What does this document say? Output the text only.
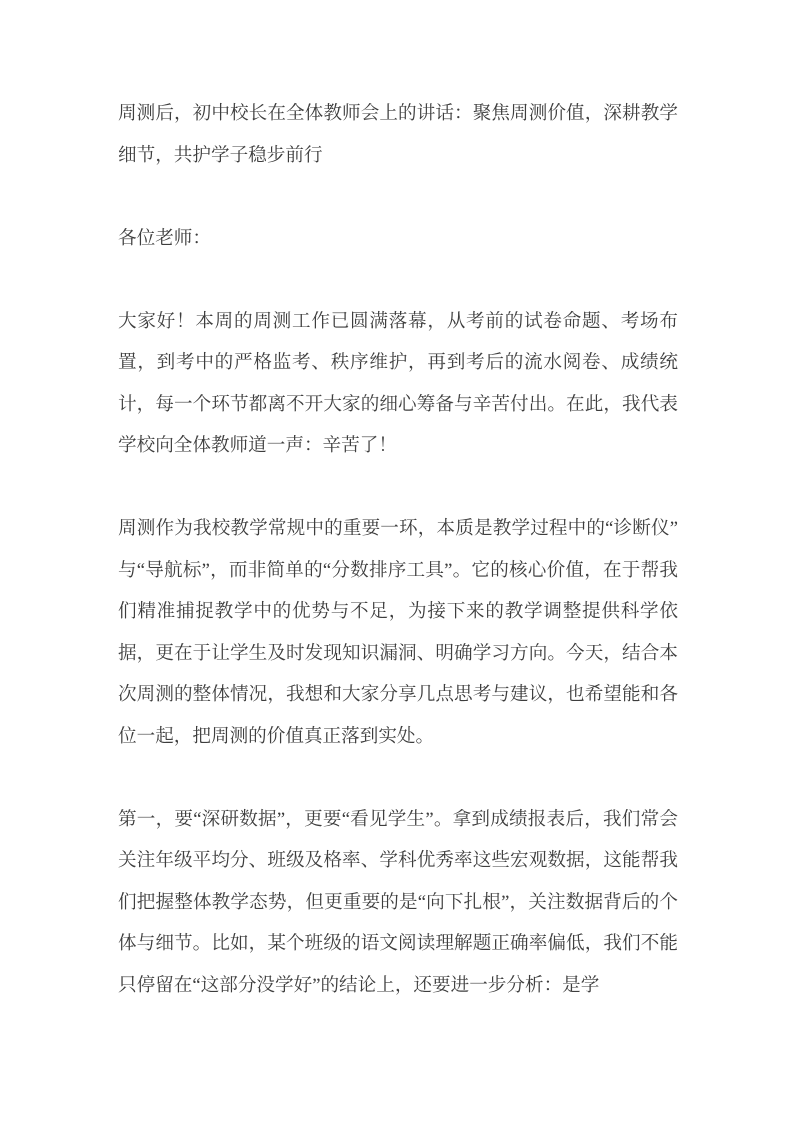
周测后，初中校长在全体教师会上的讲话：聚焦周测价值，深耕教学细节，共护学子稳步前行

各位老师：

大家好！本周的周测工作已圆满落幕，从考前的试卷命题、考场布置，到考中的严格监考、秩序维护，再到考后的流水阅卷、成绩统计，每一个环节都离不开大家的细心筹备与辛苦付出。在此，我代表学校向全体教师道一声：辛苦了！

周测作为我校教学常规中的重要一环，本质是教学过程中的“诊断仪”与“导航标”，而非简单的“分数排序工具”。它的核心价值，在于帮我们精准捕捉教学中的优势与不足，为接下来的教学调整提供科学依据，更在于让学生及时发现知识漏洞、明确学习方向。今天，结合本次周测的整体情况，我想和大家分享几点思考与建议，也希望能和各位一起，把周测的价值真正落到实处。

第一，要“深研数据”，更要“看见学生”。拿到成绩报表后，我们常会关注年级平均分、班级及格率、学科优秀率这些宏观数据，这能帮我们把握整体教学态势，但更重要的是“向下扎根”，关注数据背后的个体与细节。比如，某个班级的语文阅读理解题正确率偏低，我们不能只停留在“这部分没学好”的结论上，还要进一步分析：是学
